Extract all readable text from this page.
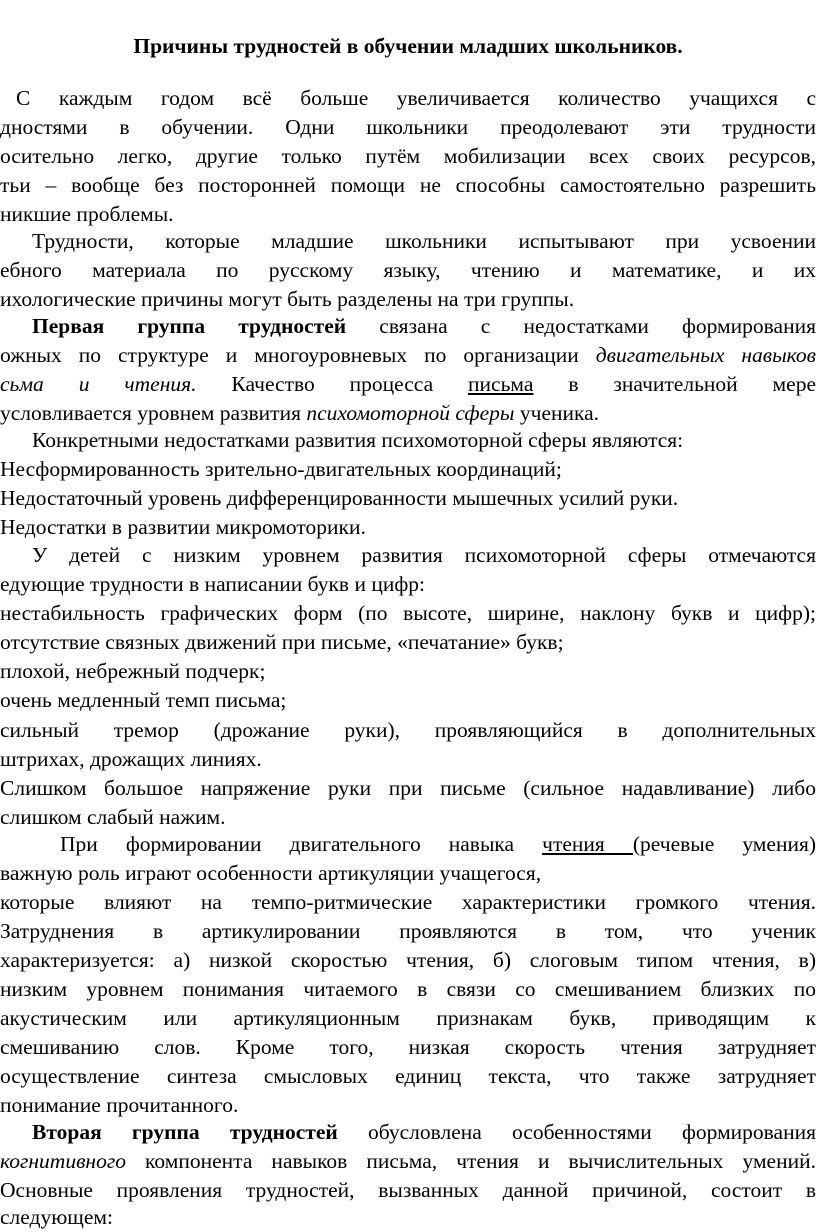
Причины трудностей в обучении младших школьников.
С каждым годом всё больше увеличивается количество учащихся с
дностями в обучении. Одни школьники преодолевают эти трудности
осительно легко, другие только путём мобилизации всех своих ресурсов,
тьи – вообще без посторонней помощи не способны самостоятельно разрешить
никшие проблемы.
Трудности, которые младшие школьники испытывают при усвоении
ебного материала по русскому языку, чтению и математике, и их
ихологические причины могут быть разделены на три группы.
Первая группа трудностей связана с недостатками формирования
ожных по структуре и многоуровневых по организации двигательных навыков
сьма и чтения. Качество процесса письма в значительной мере
условливается уровнем развития психомоторной сферы ученика.
Конкретными недостатками развития психомоторной сферы являются:
Несформированность зрительно-двигательных координаций;
Недостаточный уровень дифференцированности мышечных усилий руки.
Недостатки в развитии микромоторики.
У детей с низким уровнем развития психомоторной сферы отмечаются
едующие трудности в написании букв и цифр:
нестабильность графических форм (по высоте, ширине, наклону букв и цифр);
отсутствие связных движений при письме, «печатание» букв;
плохой, небрежный подчерк;
очень медленный темп письма;
сильный тремор (дрожание руки), проявляющийся в дополнительных
штрихах, дрожащих линиях.
Слишком большое напряжение руки при письме (сильное надавливание) либо
слишком слабый нажим.
При формировании двигательного навыка чтения (речевые умения)
важную роль играют особенности артикуляции учащегося,
которые влияют на темпо-ритмические характеристики громкого чтения.
Затруднения в артикулировании проявляются в том, что ученик
характеризуется: а) низкой скоростью чтения, б) слоговым типом чтения, в)
низким уровнем понимания читаемого в связи со смешиванием близких по
акустическим или артикуляционным признакам букв, приводящим к
смешиванию слов. Кроме того, низкая скорость чтения затрудняет
осуществление синтеза смысловых единиц текста, что также затрудняет
понимание прочитанного.
Вторая группа трудностей обусловлена особенностями формирования
когнитивного компонента навыков письма, чтения и вычислительных умений.
Основные проявления трудностей, вызванных данной причиной, состоит в
следующем:
